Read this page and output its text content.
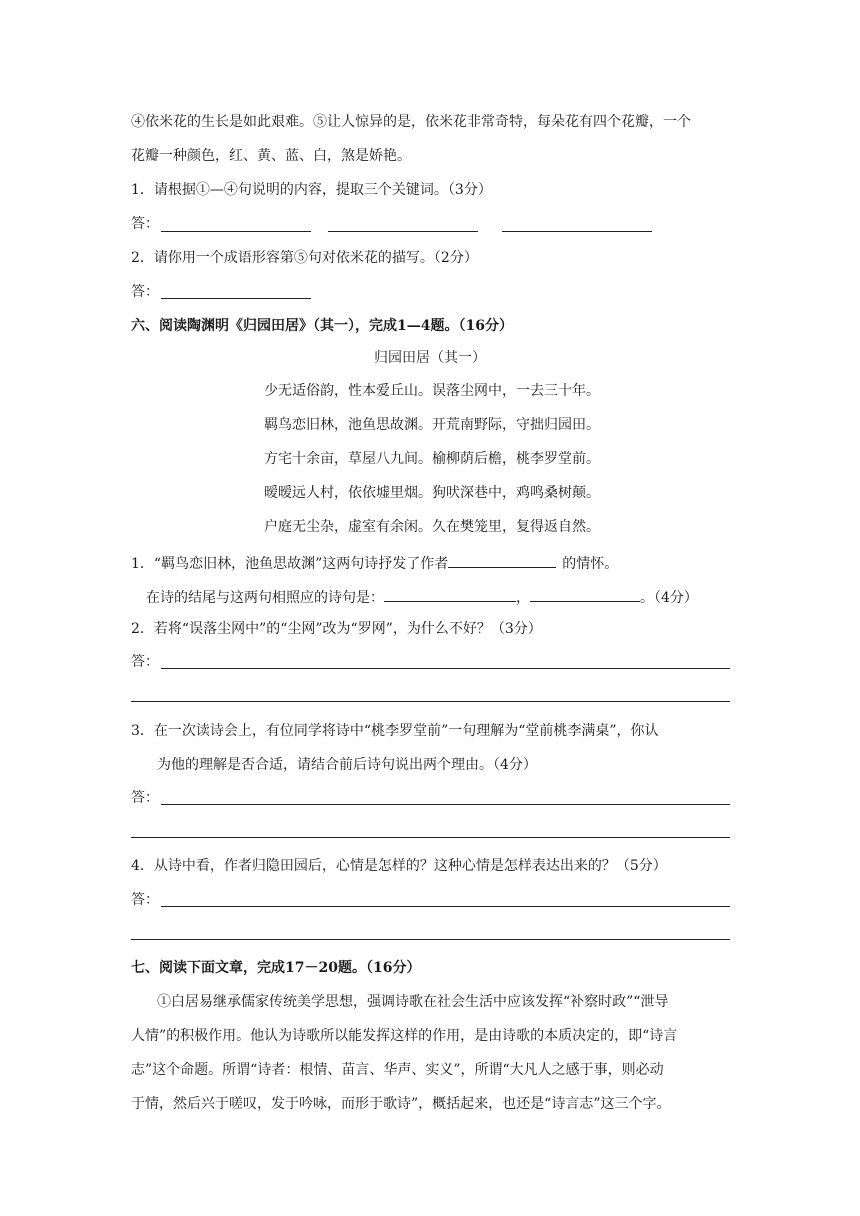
④依米花的生长是如此艰难。⑤让人惊异的是，依米花非常奇特，每朵花有四个花瓣，一个
花瓣一种颜色，红、黄、蓝、白，煞是娇艳。
1．请根据①—④句说明的内容，提取三个关键词。（3分）
答：
2．请你用一个成语形容第⑤句对依米花的描写。（2分）
答：
六、阅读陶渊明《归园田居》（其一），完成1—4题。（16分）
归园田居（其一）
少无适俗韵，性本爱丘山。误落尘网中，一去三十年。
羁鸟恋旧林，池鱼思故渊。开荒南野际，守拙归园田。
方宅十余亩，草屋八九间。榆柳荫后檐，桃李罗堂前。
暧暧远人村，依依墟里烟。狗吠深巷中，鸡鸣桑树颠。
户庭无尘杂，虚室有余闲。久在樊笼里，复得返自然。
1．“羁鸟恋旧林，池鱼思故渊”这两句诗抒发了作者	的情怀。
在诗的结尾与这两句相照应的诗句是：	，	。（4分）
2．若将“误落尘网中”的“尘网”改为“罗网”，为什么不好？（3分）
答：
3．在一次读诗会上，有位同学将诗中“桃李罗堂前”一句理解为“堂前桃李满桌”，你认
为他的理解是否合适，请结合前后诗句说出两个理由。（4分）
答：
4．从诗中看，作者归隐田园后，心情是怎样的？这种心情是怎样表达出来的？（5分）
答：
七、阅读下面文章，完成17－20题。（16分）
①白居易继承儒家传统美学思想，强调诗歌在社会生活中应该发挥“补察时政”“泄导
人情”的积极作用。他认为诗歌所以能发挥这样的作用，是由诗歌的本质决定的，即“诗言
志”这个命题。所谓“诗者：根情、苗言、华声、实义”，所谓“大凡人之感于事，则必动
于情，然后兴于嗟叹，发于吟咏，而形于歌诗”，概括起来，也还是“诗言志”这三个字。
